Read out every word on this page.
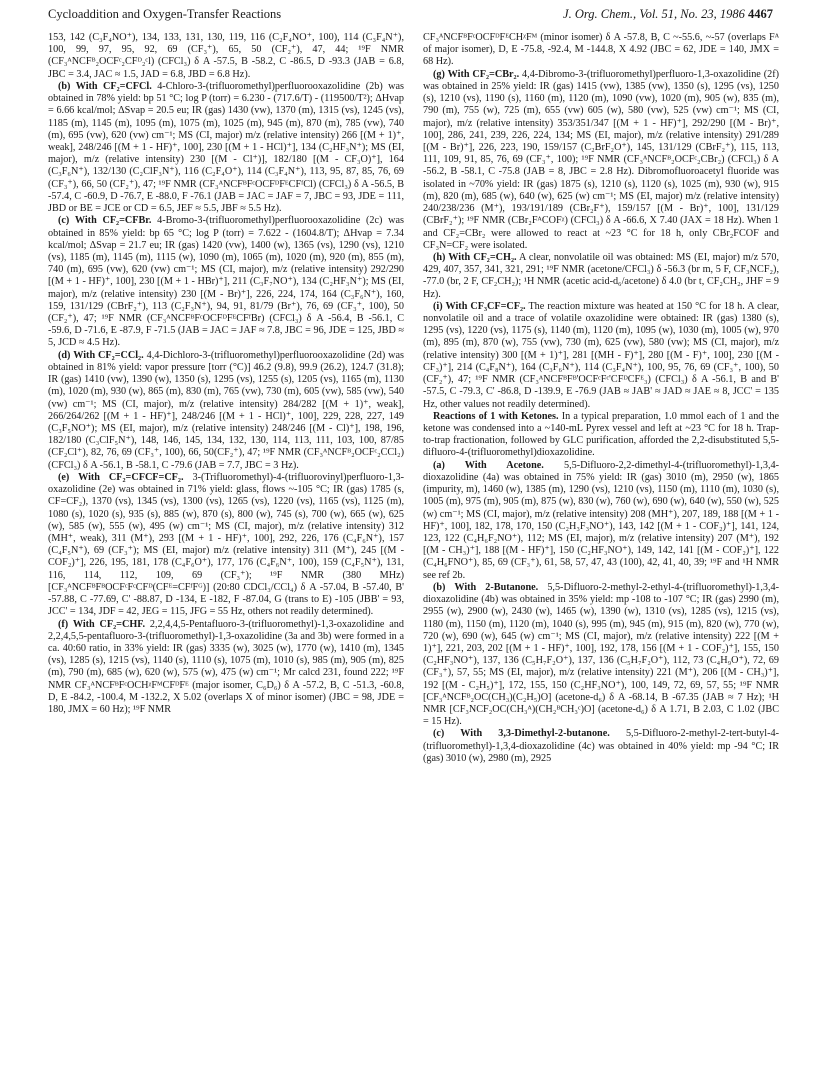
Cycloaddition and Oxygen-Transfer Reactions	J. Org. Chem., Vol. 51, No. 23, 1986 4467

153, 142 (C₃F₄NO⁺), 134, 133, 131, 130, 119, 116 (C₂F₄NO⁺, 100), 114 (C₃F₄N⁺), 100, 99, 97, 95, 92, 69 (CF₃⁺), 65, 50 (CF₂⁺), 47, 44; ¹⁹F NMR (CF₃ᴬNCFᴮ₂OCFᶜ₂CFᴰ₂ᶜl) (CFCl₃) δ A -57.5, B -58.2, C -86.5, D -93.3 (JAB = 6.8, JBC = 3.4, JAC ≈ 1.5, JAD = 6.8, JBD = 6.8 Hz).

(b) With CF₂=CFCl. 4-Chloro-3-(trifluoromethyl)perfluorooxazolidine (2b) was obtained in 78% yield: bp 51 °C; log P (torr) = 6.230 - (717.6/T) - (119500/T²); ΔHvap = 6.66 kcal/mol; ΔSvap = 20.5 eu; IR (gas) 1430 (vw), 1370 (m), 1315 (vs), 1245 (vs), 1185 (m), 1145 (m), 1095 (m), 1075 (m), 1025 (m), 945 (m), 870 (m), 785 (vw), 740 (m), 695 (vw), 620 (vw) cm⁻¹; MS (CI, major) m/z (relative intensity) 266 [(M + 1)⁺, weak], 248/246 [(M + 1 - HF)⁺, 100], 230 [(M + 1 - HCl)⁺], 134 (C₂HF₃N⁺); MS (EI, major), m/z (relative intensity) 230 [(M - Cl⁺)], 182/180 [(M - CF₃O)⁺], 164 (C₃F₆N⁺), 132/130 (C₂ClF₃N⁺), 116 (C₂F₄O⁺), 114 (C₃F₄N⁺), 113, 95, 87, 85, 76, 69 (CF₃⁺), 66, 50 (CF₂⁺), 47; ¹⁹F NMR (CF₃ᴬNCFᴮFᶜOCFᴰFᴱCFᶠCl) (CFCl₃) δ A -56.5, B -57.4, C -60.9, D -76.7, E -88.0, F -76.1 (JAB = JAC = JAF = 7, JBC = 93, JDE = 111, JBD or BE = JCE or CD = 6.5, JEF ≈ 5.5, JBF ≈ 5.5 Hz).

(c) With CF₂=CFBr. 4-Bromo-3-(trifluoromethyl)perfluorooxazolidine (2c) was obtained in 85% yield: bp 65 °C; log P (torr) = 7.622 - (1604.8/T); ΔHvap = 7.34 kcal/mol; ΔSvap = 21.7 eu; IR (gas) 1420 (vw), 1400 (w), 1365 (vs), 1290 (vs), 1210 (vs), 1185 (m), 1145 (m), 1115 (w), 1090 (m), 1065 (m), 1020 (m), 920 (m), 855 (m), 740 (m), 695 (vw), 620 (vw) cm⁻¹; MS (CI, major), m/z (relative intensity) 292/290 [(M + 1 - HF)⁺, 100], 230 [(M + 1 - HBr)⁺], 211 (C₃F₇NO⁺), 134 (C₂HF₃N⁺); MS (EI, major), m/z (relative intensity) 230 [(M - Br)⁺], 226, 224, 174, 164 (C₃F₆N⁺), 160, 159, 131/129 (CBrF₂⁺), 113 (C₂F₃N⁺), 94, 91, 81/79 (Br⁺), 76, 69 (CF₃⁺, 100), 50 (CF₂⁺), 47; ¹⁹F NMR (CF₃ᴬNCFᴮFᶜOCFᴰFᴱCFᶠBr) (CFCl₃) δ A -56.4, B -56.1, C -59.6, D -71.6, E -87.9, F -71.5 (JAB = JAC = JAF ≈ 7.8, JBC = 96, JDE = 125, JBD ≈ 5, JCD ≈ 4.5 Hz).

(d) With CF₂=CCl₂. 4,4-Dichloro-3-(trifluoromethyl)perfluorooxazolidine (2d) was obtained in 81% yield: vapor pressure [torr (°C)] 46.2 (9.8), 99.9 (26.2), 124.7 (31.8); IR (gas) 1410 (vw), 1390 (w), 1350 (s), 1295 (vs), 1255 (s), 1205 (vs), 1165 (m), 1130 (m), 1020 (m), 930 (w), 865 (m), 830 (m), 765 (vw), 730 (m), 605 (vw), 585 (vw), 540 (vw) cm⁻¹; MS (CI, major), m/z (relative intensity) 284/282 [(M + 1)⁺, weak], 266/264/262 [(M + 1 - HF)⁺], 248/246 [(M + 1 - HCl)⁺, 100], 229, 228, 227, 149 (C₃F₅NO⁺); MS (EI, major), m/z (relative intensity) 248/246 [(M - Cl)⁺], 198, 196, 182/180 (C₃ClF₅N⁺), 148, 146, 145, 134, 132, 130, 114, 113, 111, 103, 100, 87/85 (CF₂Cl⁺), 82, 76, 69 (CF₃⁺, 100), 66, 50(CF₂⁺), 47; ¹⁹F NMR (CF₃ᴬNCFᴮ₂OCFᶜ₂CCl₂) (CFCl₃) δ A -56.1, B -58.1, C -79.6 (JAB = 7.7, JBC = 3 Hz).

(e) With CF₂=CFCF=CF₂. 3-(Trifluoromethyl)-4-(trifluorovinyl)perfluoro-1,3-oxazolidine (2e) was obtained in 71% yield: glass, flows ~-105 °C; IR (gas) 1785 (s, CF=CF₂), 1370 (vs), 1345 (vs), 1300 (vs), 1265 (vs), 1220 (vs), 1165 (vs), 1125 (m), 1080 (s), 1020 (s), 935 (s), 885 (w), 870 (s), 800 (w), 745 (s), 700 (w), 665 (w), 625 (w), 585 (w), 555 (w), 495 (w) cm⁻¹; MS (CI, major), m/z (relative intensity) 312 (MH⁺, weak), 311 (M⁺), 293 [(M + 1 - HF)⁺, 100], 292, 226, 176 (C₄F₆N⁺), 157 (C₄F₅N⁺), 69 (CF₃⁺); MS (EI, major) m/z (relative intensity) 311 (M⁺), 245 [(M - COF₂)⁺], 226, 195, 181, 178 (C₄F₆O⁺), 177, 176 (C₄F₆N⁺, 100), 159 (C₄F₅N⁺), 131, 116, 114, 112, 109, 69 (CF₃⁺); ¹⁹F NMR (380 MHz) [CF₃ᴬNCFᴮFᴮOCFᶜFᶜCFᴰ(CFᴱ=CFᶠFᴳ)] (20:80 CDCl₃/CCl₄) δ A -57.04, B -57.40, B' -57.88, C -77.69, C' -88.87, D -134, E -182, F -87.04, G (trans to E) -105 (JBB' = 93, JCC' = 134, JDF = 42, JEG = 115, JFG = 55 Hz, others not readily determined).

(f) With CF₂=CHF. 2,2,4,4,5-Pentafluoro-3-(trifluoromethyl)-1,3-oxazolidine and 2,2,4,5,5-pentafluoro-3-(trifluoromethyl)-1,3-oxazolidine (3a and 3b) were formed in a ca. 40:60 ratio, in 33% yield: IR (gas) 3335 (w), 3025 (w), 1770 (w), 1410 (m), 1345 (vs), 1285 (s), 1215 (vs), 1140 (s), 1110 (s), 1075 (m), 1010 (s), 985 (m), 905 (m), 825 (m), 790 (m), 685 (w), 620 (w), 575 (w), 475 (w) cm⁻¹; Mr calcd 231, found 222; ¹⁹F NMR CF₃ᴬNCFᴮFᶜOCHᵡFᴹCFᴰFᴱ (major isomer, C₆D₆) δ A -57.2, B, C -51.3, -60.8, D, E -84.2, -100.4, M -132.2, X 5.02 (overlaps X of minor isomer) (JBC = 98, JDE = 180, JMX = 60 Hz); ¹⁹F NMR

CF₃ᴬNCFᴮFᶜOCFᴰFᴱCHᵡFᴹ (minor isomer) δ A -57.8, B, C ~-55.6, ~-57 (overlaps Fᴬ of major isomer), D, E -75.8, -92.4, M -144.8, X 4.92 (JBC = 62, JDE = 140, JMX = 68 Hz).

(g) With CF₂=CBr₂. 4,4-Dibromo-3-(trifluoromethyl)perfluoro-1,3-oxazolidine (2f) was obtained in 25% yield: IR (gas) 1415 (vw), 1385 (vw), 1350 (s), 1295 (vs), 1250 (s), 1210 (vs), 1190 (s), 1160 (m), 1120 (m), 1090 (vw), 1020 (m), 905 (w), 835 (m), 790 (m), 755 (w), 725 (m), 655 (vw) 605 (w), 580 (vw), 525 (vw) cm⁻¹; MS (CI, major), m/z (relative intensity) 353/351/347 [(M + 1 - HF)⁺], 292/290 [(M - Br)⁺, 100], 286, 241, 239, 226, 224, 134; MS (EI, major), m/z (relative intensity) 291/289 [(M - Br)⁺], 226, 223, 190, 159/157 (C₂BrF₂O⁺), 145, 131/129 (CBrF₂⁺), 115, 113, 111, 109, 91, 85, 76, 69 (CF₃⁺, 100); ¹⁹F NMR (CF₃ᴬNCFᴮ₂OCFᶜ₂CBr₂) (CFCl₃) δ A -56.2, B -58.1, C -75.8 (JAB = 8, JBC = 2.8 Hz). Dibromofluoroacetyl fluoride was isolated in ~70% yield: IR (gas) 1875 (s), 1210 (s), 1120 (s), 1025 (m), 930 (w), 915 (m), 820 (m), 685 (w), 640 (w), 625 (w) cm⁻¹; MS (EI, major) m/z (relative intensity) 240/238/236 (M⁺), 193/191/189 (CBr₂F⁺), 159/157 [(M - Br)⁺, 100], 131/129 (CBrF₂⁺); ¹⁹F NMR (CBr₂FᴬCOFᵡ) (CFCl₃) δ A -66.6, X 7.40 (JAX = 18 Hz). When 1 and CF₂=CBr₂ were allowed to react at ~23 °C for 18 h, only CBr₂FCOF and CF₃N=CF₂ were isolated.

(h) With CF₂=CH₂. A clear, nonvolatile oil was obtained: MS (EI, major) m/z 570, 429, 407, 357, 341, 321, 291; ¹⁹F NMR (acetone/CFCl₃) δ -56.3 (br m, 5 F, CF₃NCF₂), -77.0 (br, 2 F, CF₂CH₂); ¹H NMR (acetic acid-d₆/acetone) δ 4.0 (br t, CF₂CH₂, JHF = 9 Hz).

(i) With CF₃CF=CF₂. The reaction mixture was heated at 150 °C for 18 h. A clear, nonvolatile oil and a trace of volatile oxazolidine were obtained: IR (gas) 1380 (s), 1295 (vs), 1220 (vs), 1175 (s), 1140 (m), 1120 (m), 1095 (w), 1030 (m), 1005 (w), 970 (m), 895 (m), 870 (w), 755 (vw), 730 (m), 625 (vw), 580 (vw); MS (CI, major), m/z (relative intensity) 300 [(M + 1)⁺], 281 [(MH - F)⁺], 280 [(M - F)⁺, 100], 230 [(M - CF₃)⁺], 214 (C₄F₈N⁺), 164 (C₃F₆N⁺), 114 (C₃F₄N⁺), 100, 95, 76, 69 (CF₃⁺, 100), 50 (CF₂⁺), 47; ¹⁹F NMR (CF₃ᴬNCFᴮFᴮ'OCFᶜFᶜ'CFᴰCFᴱ₃) (CFCl₃) δ A -56.1, B and B' -57.5, C -79.3, C' -86.8, D -139.9, E -76.9 (JAB ≈ JAB' ≈ JAD ≈ JAE ≈ 8, JCC' = 135 Hz, other values not readily determined).

Reactions of 1 with Ketones. In a typical preparation, 1.0 mmol each of 1 and the ketone was condensed into a ~140-mL Pyrex vessel and left at ~23 °C for 18 h. Trap-to-trap fractionation, followed by GLC purification, afforded the 2,2-disubstituted 5,5-difluoro-4-(trifluoromethyl)dioxazolidine.

(a) With Acetone. 5,5-Difluoro-2,2-dimethyl-4-(trifluoromethyl)-1,3,4-dioxazolidine (4a) was obtained in 75% yield: IR (gas) 3010 (m), 2950 (w), 1865 (impurity, m), 1460 (w), 1385 (m), 1290 (vs), 1210 (vs), 1150 (m), 1110 (m), 1030 (s), 1005 (m), 975 (m), 905 (m), 875 (w), 830 (w), 760 (w), 690 (w), 640 (w), 550 (w), 525 (w) cm⁻¹; MS (CI, major), m/z (relative intensity) 208 (MH⁺), 207, 189, 188 [(M + 1 - HF)⁺, 100], 182, 178, 170, 150 (C₂H₃F₃NO⁺), 143, 142 [(M + 1 - COF₂)⁺], 141, 124, 123, 122 (C₄H₆F₂NO⁺), 112; MS (EI, major), m/z (relative intensity) 207 (M⁺), 192 [(M - CH₃)⁺], 188 [(M - HF)⁺], 150 (C₂HF₃NO⁺), 149, 142, 141 [(M - COF₂)⁺], 122 (C₄H₆FNO⁺), 85, 69 (CF₃⁺), 61, 58, 57, 47, 43 (100), 42, 41, 40, 39; ¹⁹F and ¹H NMR see ref 2b.

(b) With 2-Butanone. 5,5-Difluoro-2-methyl-2-ethyl-4-(trifluoromethyl)-1,3,4-dioxazolidine (4b) was obtained in 35% yield: mp -108 to -107 °C; IR (gas) 2990 (m), 2955 (w), 2900 (w), 2430 (w), 1465 (w), 1390 (w), 1310 (vs), 1285 (vs), 1215 (vs), 1180 (m), 1150 (m), 1120 (m), 1040 (s), 995 (m), 945 (m), 915 (m), 820 (w), 770 (w), 720 (w), 690 (w), 645 (w) cm⁻¹; MS (CI, major), m/z (relative intensity) 222 [(M + 1)⁺], 221, 203, 202 [(M + 1 - HF)⁺, 100], 192, 178, 156 [(M + 1 - COF₂)⁺], 155, 150 (C₂HF₃NO⁺), 137, 136 (C₅H₇F₂O⁺), 137, 136 (C₅H₇F₂O⁺), 112, 73 (C₄H₉O⁺), 72, 69 (CF₃⁺), 57, 55; MS (EI, major), m/z (relative intensity) 221 (M⁺), 206 [(M - CH₃)⁺], 192 [(M - C₂H₅)⁺], 172, 155, 150 (C₂HF₃NO⁺), 100, 149, 72, 69, 57, 55; ¹⁹F NMR [CF₃ᴬNCFᴮ₂OC(CH₃)(C₂H₅)O] (acetone-d₆) δ A -68.14, B -67.35 (JAB ≈ 7 Hz); ¹H NMR [CF₃NCF₂OC(CH₃ᴬ)(CH₂ᴮCH₃ᶜ)O] (acetone-d₆) δ A 1.71, B 2.03, C 1.02 (JBC = 15 Hz).

(c) With 3,3-Dimethyl-2-butanone. 5,5-Difluoro-2-methyl-2-tert-butyl-4-(trifluoromethyl)-1,3,4-dioxazolidine (4c) was obtained in 40% yield: mp -94 °C; IR (gas) 3010 (w), 2980 (m), 2925
